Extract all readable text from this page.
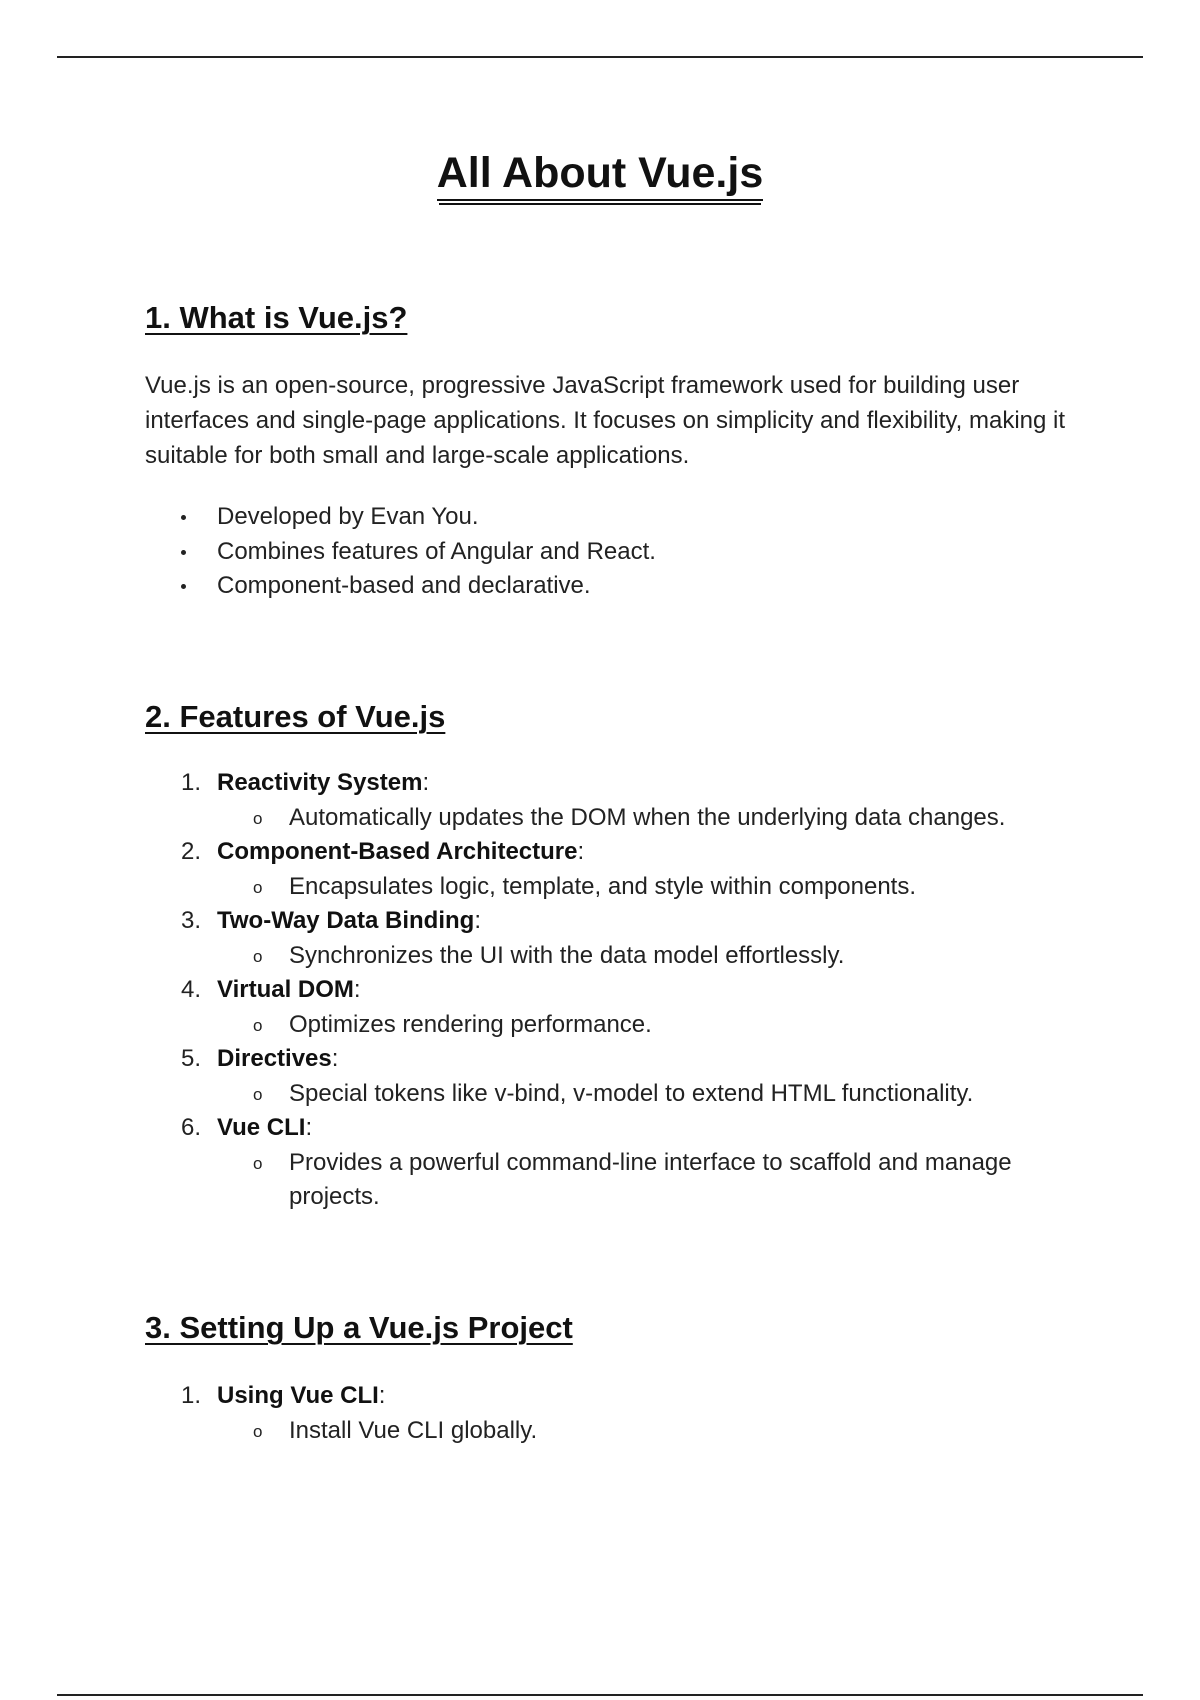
All About Vue.js
1. What is Vue.js?

Vue.js is an open-source, progressive JavaScript framework used for building user interfaces and single-page applications. It focuses on simplicity and flexibility, making it suitable for both small and large-scale applications.

Developed by Evan You.
Combines features of Angular and React.
Component-based and declarative.
2. Features of Vue.js
1. Reactivity System:
o Automatically updates the DOM when the underlying data changes.
2. Component-Based Architecture:
o Encapsulates logic, template, and style within components.
3. Two-Way Data Binding:
o Synchronizes the UI with the data model effortlessly.
4. Virtual DOM:
o Optimizes rendering performance.
5. Directives:
o Special tokens like v-bind, v-model to extend HTML functionality.
6. Vue CLI:
o Provides a powerful command-line interface to scaffold and manage projects.
3. Setting Up a Vue.js Project
1. Using Vue CLI:
o Install Vue CLI globally.
